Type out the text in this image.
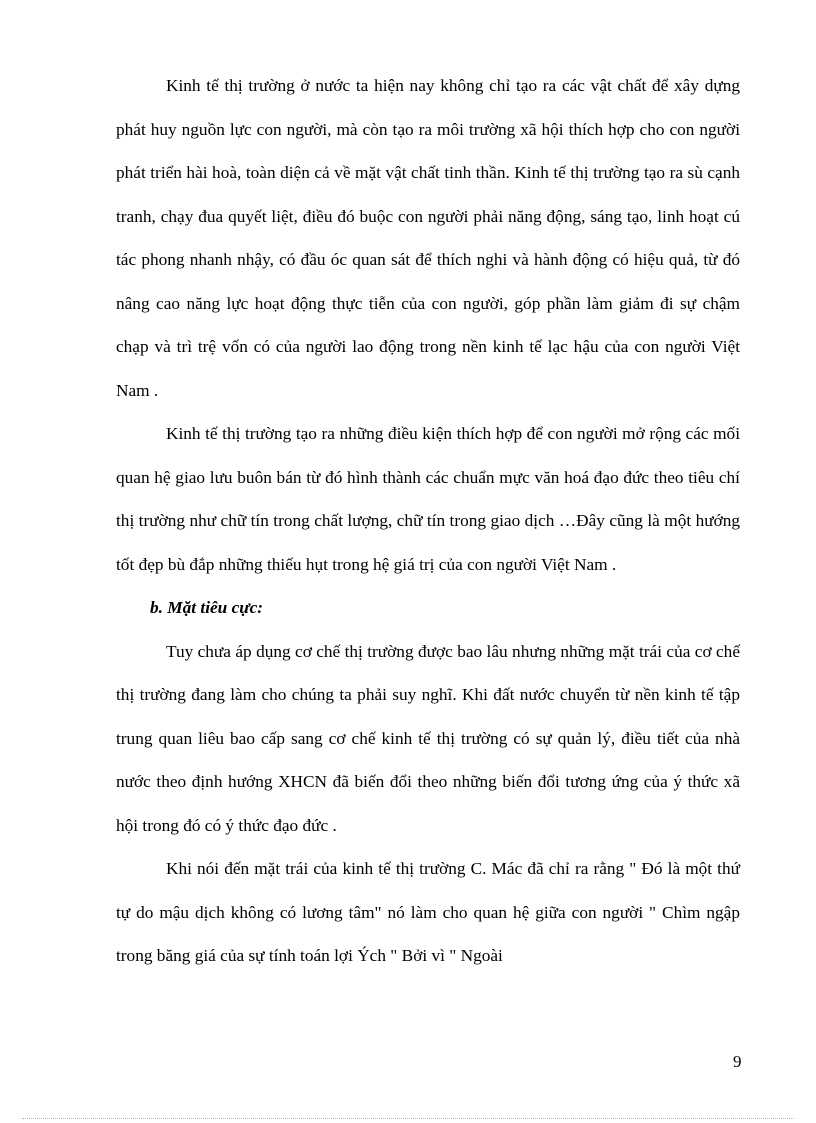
Kinh tế thị trường ở nước ta hiện nay không chỉ tạo ra các vật chất để xây dựng phát huy nguồn lực con người, mà còn tạo ra môi trường xã hội thích hợp cho con người phát triển hài hoà, toàn diện cả về mặt vật chất tinh thần. Kinh tế thị trường tạo ra sù cạnh tranh, chạy đua quyết liệt, điều đó buộc con người phải năng động, sáng tạo, linh hoạt cú tác phong nhanh nhậy, có đầu óc quan sát để thích nghi và hành động có hiệu quả, từ đó nâng cao năng lực hoạt động thực tiễn của con người, góp phần làm giảm đi sự chậm chạp và trì trệ vốn có của người lao động trong nền kinh tế lạc hậu của con người Việt Nam .

Kinh tế thị trường tạo ra những điều kiện thích hợp để con người mở rộng các mối quan hệ giao lưu buôn bán từ đó hình thành các chuẩn mực văn hoá đạo đức theo tiêu chí thị trường như chữ tín trong chất lượng, chữ tín trong giao dịch …Đây cũng là một hướng tốt đẹp bù đắp những thiếu hụt trong hệ giá trị của con người Việt Nam .

b. Mặt tiêu cực:

Tuy chưa áp dụng cơ chế thị trường được bao lâu nhưng những mặt trái của cơ chế thị trường đang làm cho chúng ta phải suy nghĩ. Khi đất nước chuyển từ nền kinh tế tập trung quan liêu bao cấp sang cơ chế kinh tế thị trường có sự quản lý, điều tiết của nhà nước theo định hướng XHCN đã biến đổi theo những biến đổi tương ứng của ý thức xã hội trong đó có ý thức đạo đức .

Khi nói đến mặt trái của kinh tế thị trường C. Mác đã chỉ ra rằng " Đó là một thứ tự do mậu dịch không có lương tâm" nó làm cho quan hệ giữa con người " Chìm ngập trong băng giá của sự tính toán lợi Ých " Bởi vì " Ngoài

9
